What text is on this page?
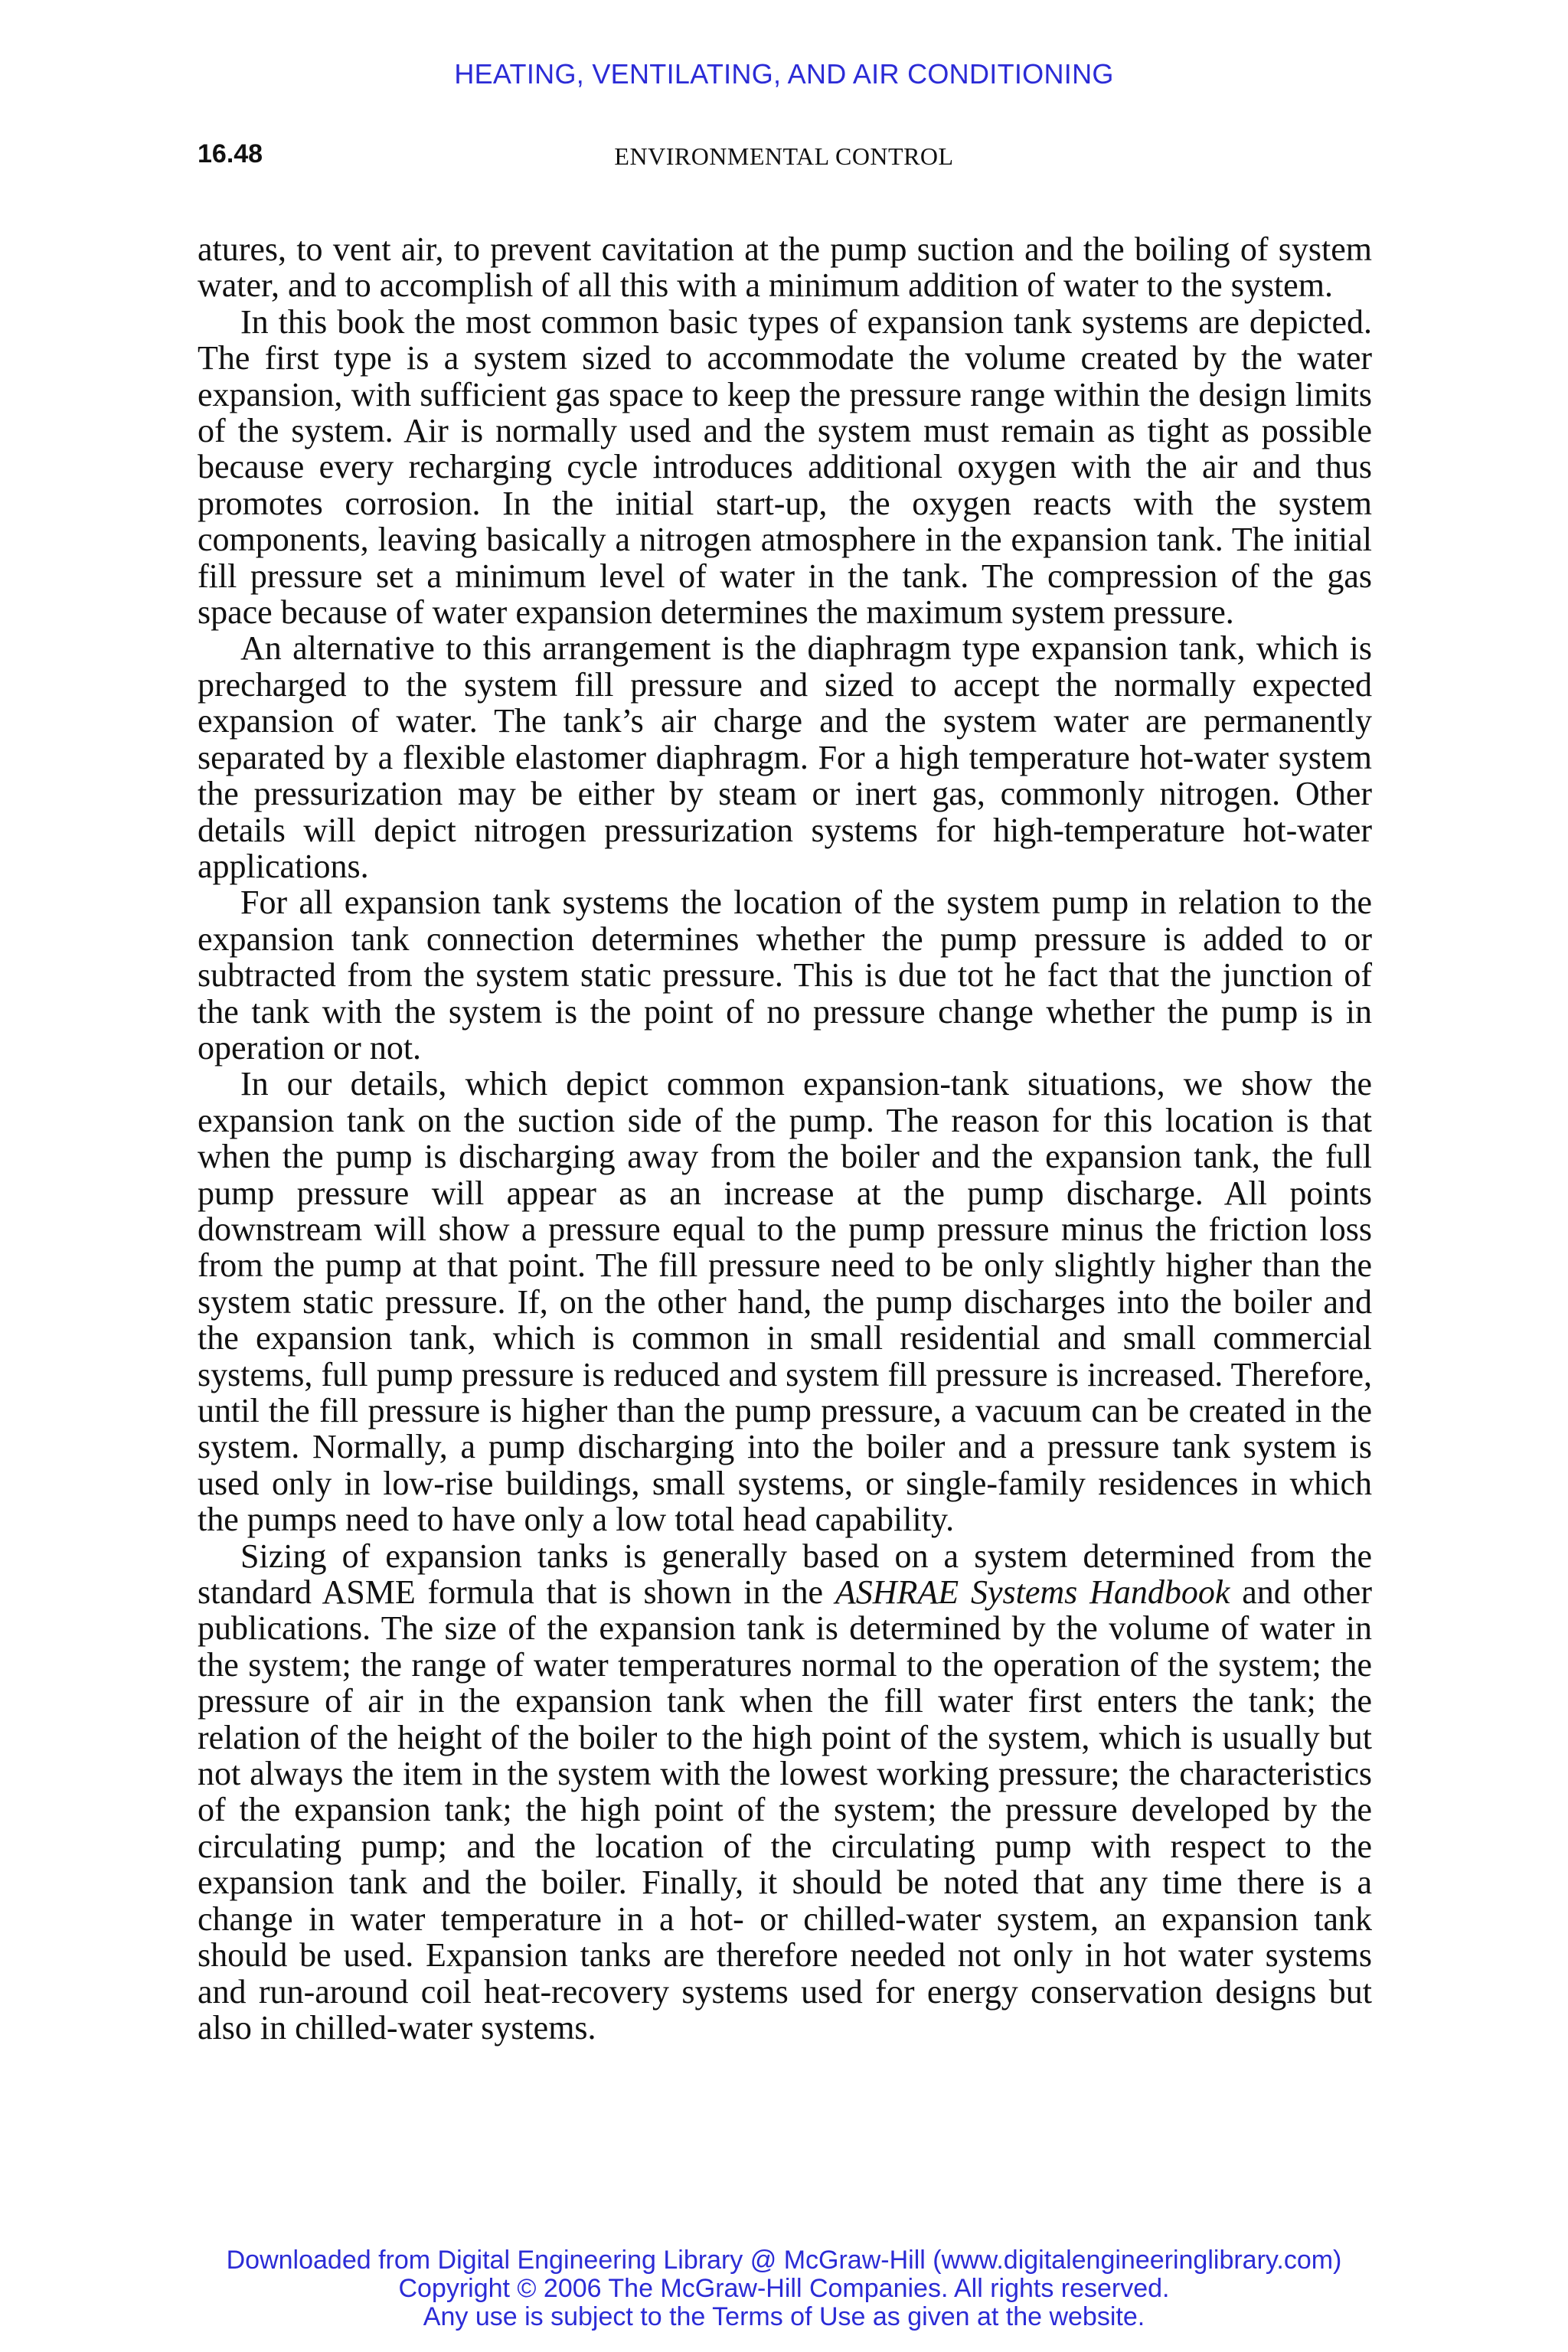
HEATING, VENTILATING, AND AIR CONDITIONING
16.48	ENVIRONMENTAL CONTROL

atures, to vent air, to prevent cavitation at the pump suction and the boiling of system water, and to accomplish of all this with a minimum addition of water to the system.

In this book the most common basic types of expansion tank systems are depicted. The first type is a system sized to accommodate the volume created by the water expansion, with sufficient gas space to keep the pressure range within the design limits of the system. Air is normally used and the system must remain as tight as possible because every recharging cycle introduces additional oxygen with the air and thus promotes corrosion. In the initial start-up, the oxygen reacts with the system components, leaving basically a nitrogen atmosphere in the expansion tank. The initial fill pressure set a minimum level of water in the tank. The compression of the gas space because of water expansion determines the maximum system pressure.

An alternative to this arrangement is the diaphragm type expansion tank, which is precharged to the system fill pressure and sized to accept the normally expected expansion of water. The tank’s air charge and the system water are permanently separated by a flexible elastomer diaphragm. For a high temperature hot-water system the pressurization may be either by steam or inert gas, commonly nitrogen. Other details will depict nitrogen pressurization systems for high-temperature hot-water applications.

For all expansion tank systems the location of the system pump in relation to the expansion tank connection determines whether the pump pressure is added to or subtracted from the system static pressure. This is due tot he fact that the junction of the tank with the system is the point of no pressure change whether the pump is in operation or not.

In our details, which depict common expansion-tank situations, we show the expansion tank on the suction side of the pump. The reason for this location is that when the pump is discharging away from the boiler and the expansion tank, the full pump pressure will appear as an increase at the pump discharge. All points downstream will show a pressure equal to the pump pressure minus the friction loss from the pump at that point. The fill pressure need to be only slightly higher than the system static pressure. If, on the other hand, the pump discharges into the boiler and the expansion tank, which is common in small residential and small commercial systems, full pump pressure is reduced and system fill pressure is increased. Therefore, until the fill pressure is higher than the pump pressure, a vacuum can be created in the system. Normally, a pump discharging into the boiler and a pressure tank system is used only in low-rise buildings, small systems, or single-family residences in which the pumps need to have only a low total head capability.

Sizing of expansion tanks is generally based on a system determined from the standard ASME formula that is shown in the ASHRAE Systems Handbook and other publications. The size of the expansion tank is determined by the volume of water in the system; the range of water temperatures normal to the operation of the system; the pressure of air in the expansion tank when the fill water first enters the tank; the relation of the height of the boiler to the high point of the system, which is usually but not always the item in the system with the lowest working pressure; the characteristics of the expansion tank; the high point of the system; the pressure developed by the circulating pump; and the location of the circulating pump with respect to the expansion tank and the boiler. Finally, it should be noted that any time there is a change in water temperature in a hot- or chilled-water system, an expansion tank should be used. Expansion tanks are therefore needed not only in hot water systems and run-around coil heat-recovery systems used for energy conservation designs but also in chilled-water systems.

Downloaded from Digital Engineering Library @ McGraw-Hill (www.digitalengineeringlibrary.com)
Copyright © 2006 The McGraw-Hill Companies. All rights reserved.
Any use is subject to the Terms of Use as given at the website.
